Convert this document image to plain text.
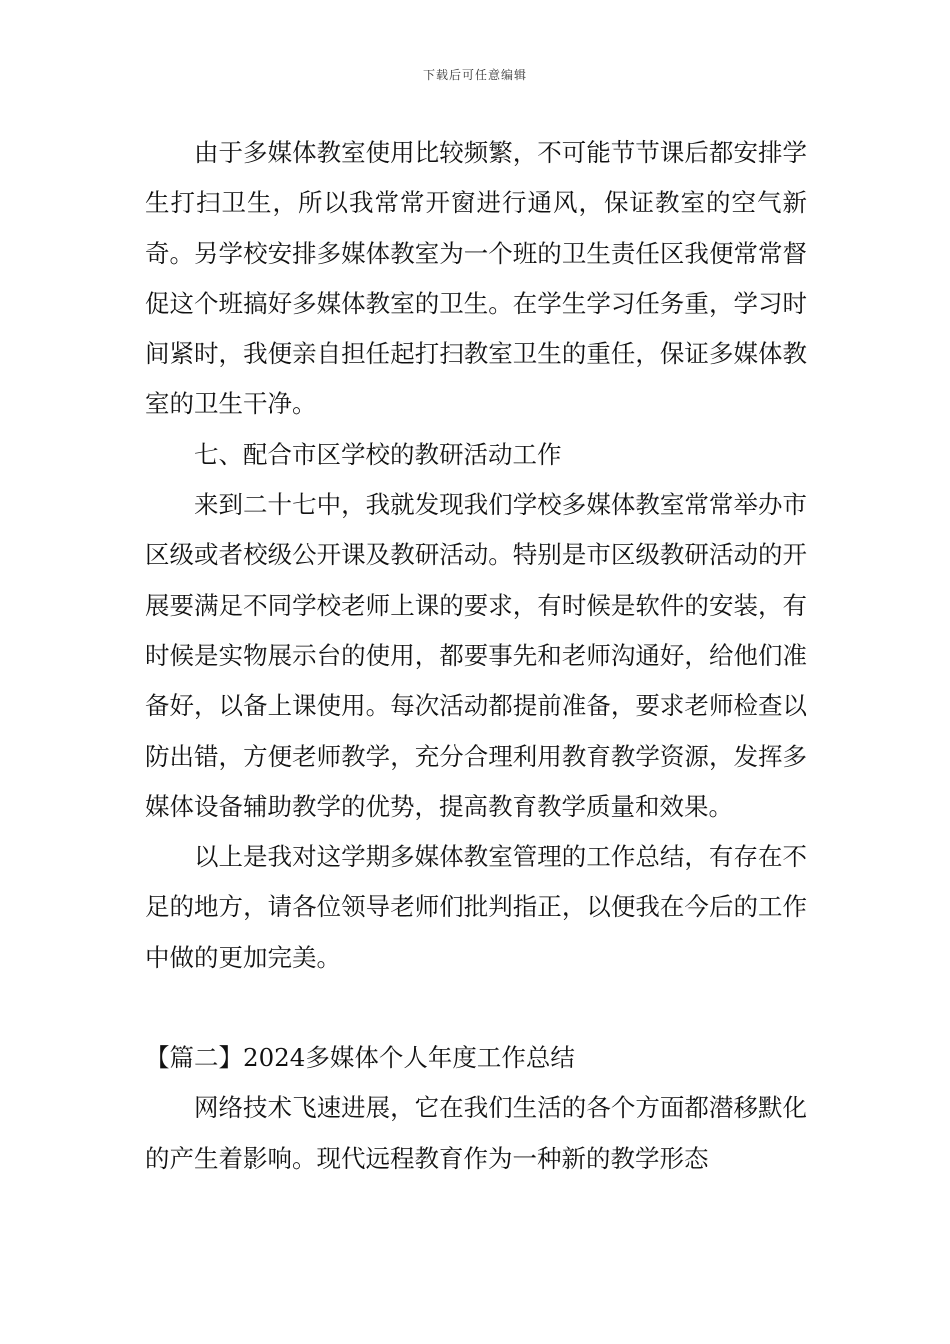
下载后可任意编辑

由于多媒体教室使用比较频繁，不可能节节课后都安排学生打扫卫生，所以我常常开窗进行通风，保证教室的空气新奇。另学校安排多媒体教室为一个班的卫生责任区我便常常督促这个班搞好多媒体教室的卫生。在学生学习任务重，学习时间紧时，我便亲自担任起打扫教室卫生的重任，保证多媒体教室的卫生干净。

七、配合市区学校的教研活动工作

来到二十七中，我就发现我们学校多媒体教室常常举办市区级或者校级公开课及教研活动。特别是市区级教研活动的开展要满足不同学校老师上课的要求，有时候是软件的安装，有时候是实物展示台的使用，都要事先和老师沟通好，给他们准备好，以备上课使用。每次活动都提前准备，要求老师检查以防出错，方便老师教学，充分合理利用教育教学资源，发挥多媒体设备辅助教学的优势，提高教育教学质量和效果。

以上是我对这学期多媒体教室管理的工作总结，有存在不足的地方，请各位领导老师们批判指正，以便我在今后的工作中做的更加完美。

【篇二】2024多媒体个人年度工作总结

网络技术飞速进展，它在我们生活的各个方面都潜移默化的产生着影响。现代远程教育作为一种新的教学形态
